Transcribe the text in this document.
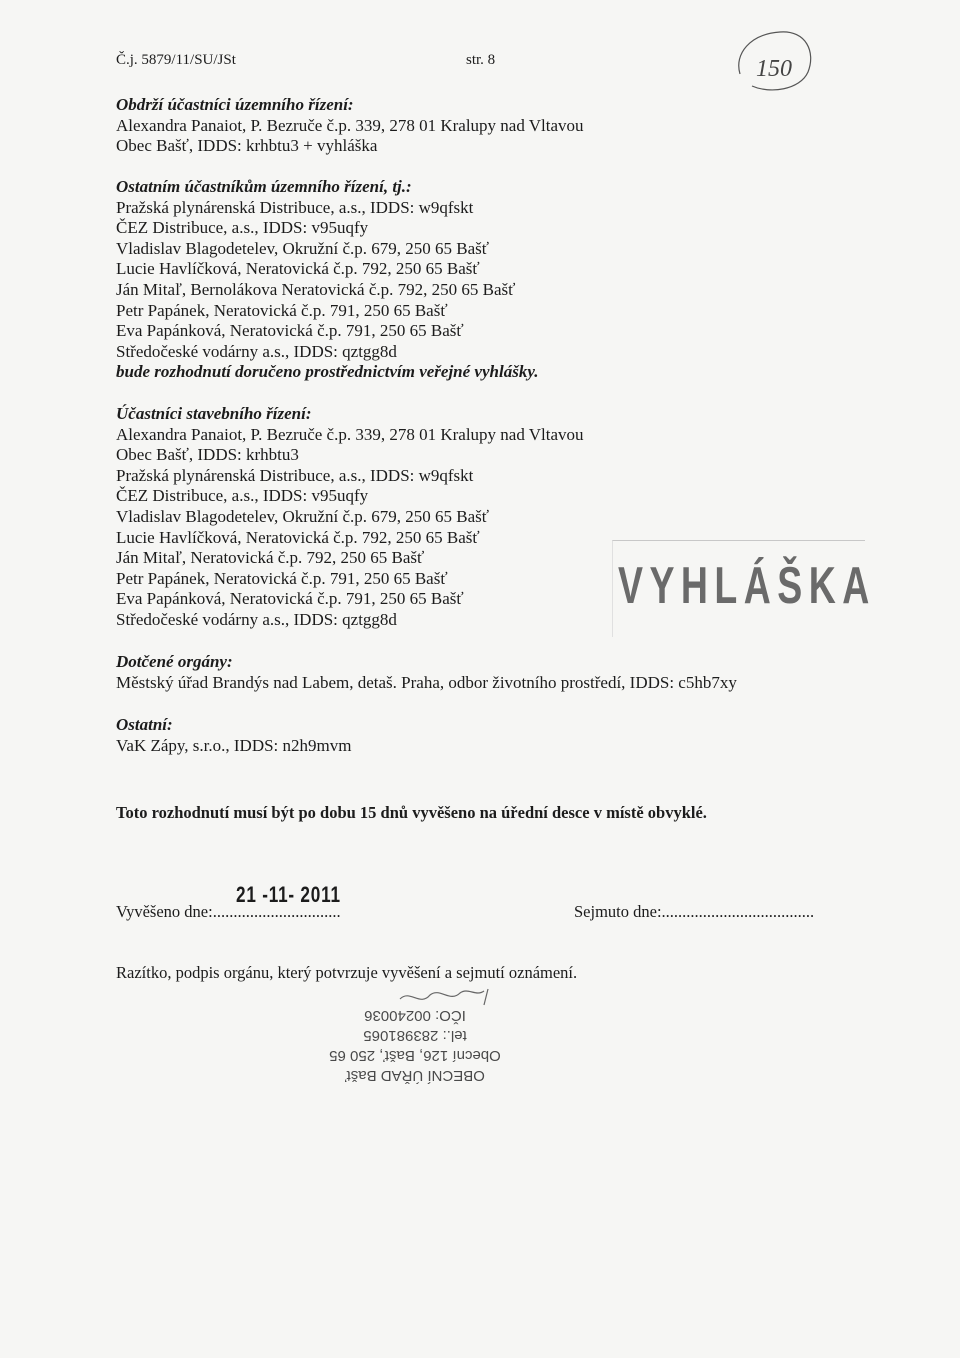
Č.j. 5879/11/SU/JSt	str. 8	150
Obdrží účastníci územního řízení:
Alexandra Panaiot, P. Bezruče č.p. 339, 278 01 Kralupy nad Vltavou
Obec Bašť, IDDS: krhbtu3 + vyhláška
Ostatním účastníkům územního řízení, tj.:
Pražská plynárenská Distribuce, a.s., IDDS: w9qfskt
ČEZ Distribuce, a.s., IDDS: v95uqfy
Vladislav Blagodetelev, Okružní č.p. 679, 250 65 Bašť
Lucie Havlíčková, Neratovická č.p. 792, 250 65 Bašť
Ján Mitaľ, Bernolákova Neratovická č.p. 792, 250 65 Bašť
Petr Papánek, Neratovická č.p. 791, 250 65 Bašť
Eva Papánková, Neratovická č.p. 791, 250 65 Bašť
Středočeské vodárny a.s., IDDS: qztgg8d
bude rozhodnutí doručeno prostřednictvím veřejné vyhlášky.
Účastníci stavebního řízení:
Alexandra Panaiot, P. Bezruče č.p. 339, 278 01 Kralupy nad Vltavou
Obec Bašť, IDDS: krhbtu3
Pražská plynárenská Distribuce, a.s., IDDS: w9qfskt
ČEZ Distribuce, a.s., IDDS: v95uqfy
Vladislav Blagodetelev, Okružní č.p. 679, 250 65 Bašť
Lucie Havlíčková, Neratovická č.p. 792, 250 65 Bašť
Ján Mitaľ, Neratovická č.p. 792, 250 65 Bašť
Petr Papánek, Neratovická č.p. 791, 250 65 Bašť
Eva Papánková, Neratovická č.p. 791, 250 65 Bašť
Středočeské vodárny a.s., IDDS: qztgg8d
VYHLÁŠKA
Dotčené orgány:
Městský úřad Brandýs nad Labem, detaš. Praha, odbor životního prostředí, IDDS: c5hb7xy
Ostatní:
VaK Zápy, s.r.o., IDDS: n2h9mvm
Toto rozhodnutí musí být po dobu 15 dnů vyvěšeno na úřední desce v místě obvyklé.
21 -11- 2011
Vyvěšeno dne:...............................	Sejmuto dne:.....................................
Razítko, podpis orgánu, který potvrzuje vyvěšení a sejmutí oznámení.
OBECNÍ ÚŘAD Bašť
Obecní 126, Bašť, 250 65
tel.: 283981065
IČO: 00240036
